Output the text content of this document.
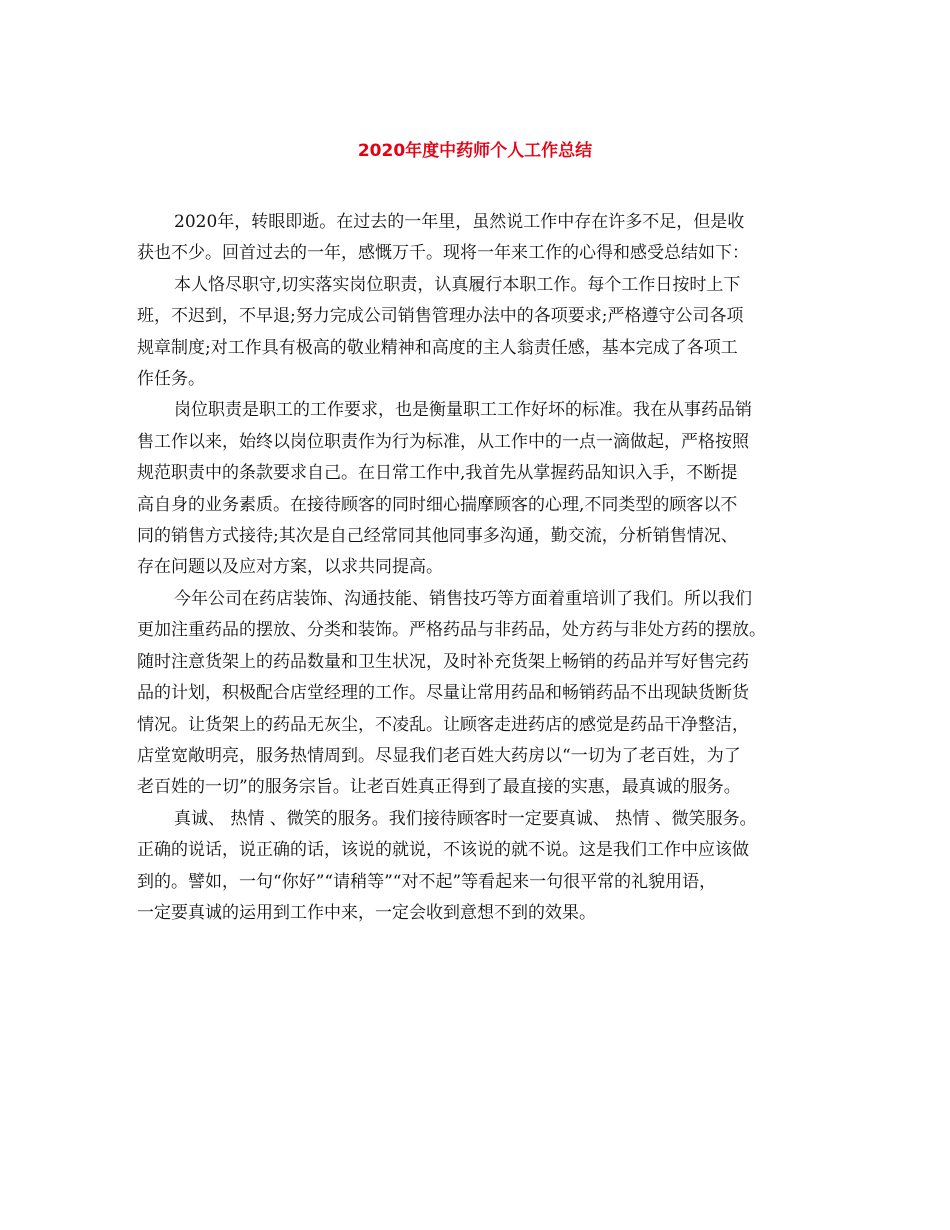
2020年度中药师个人工作总结

2020年，转眼即逝。在过去的一年里，虽然说工作中存在许多不足，但是收
获也不少。回首过去的一年，感慨万千。现将一年来工作的心得和感受总结如下：

本人恪尽职守,切实落实岗位职责，认真履行本职工作。每个工作日按时上下
班，不迟到，不早退;努力完成公司销售管理办法中的各项要求;严格遵守公司各项
规章制度;对工作具有极高的敬业精神和高度的主人翁责任感，基本完成了各项工
作任务。

岗位职责是职工的工作要求，也是衡量职工工作好坏的标准。我在从事药品销
售工作以来，始终以岗位职责作为行为标准，从工作中的一点一滴做起，严格按照
规范职责中的条款要求自己。在日常工作中,我首先从掌握药品知识入手，不断提
高自身的业务素质。在接待顾客的同时细心揣摩顾客的心理,不同类型的顾客以不
同的销售方式接待;其次是自己经常同其他同事多沟通，勤交流，分析销售情况、
存在问题以及应对方案，以求共同提高。

今年公司在药店装饰、沟通技能、销售技巧等方面着重培训了我们。所以我们
更加注重药品的摆放、分类和装饰。严格药品与非药品，处方药与非处方药的摆放。
随时注意货架上的药品数量和卫生状况，及时补充货架上畅销的药品并写好售完药
品的计划，积极配合店堂经理的工作。尽量让常用药品和畅销药品不出现缺货断货
情况。让货架上的药品无灰尘，不凌乱。让顾客走进药店的感觉是药品干净整洁，
店堂宽敞明亮，服务热情周到。尽显我们老百姓大药房以“一切为了老百姓，为了
老百姓的一切”的服务宗旨。让老百姓真正得到了最直接的实惠，最真诚的服务。

真诚、 热情 、微笑的服务。我们接待顾客时一定要真诚、 热情 、微笑服务。
正确的说话，说正确的话，该说的就说，不该说的就不说。这是我们工作中应该做
到的。譬如，一句“你好”“请稍等”“对不起”等看起来一句很平常的礼貌用语，
一定要真诚的运用到工作中来，一定会收到意想不到的效果。
